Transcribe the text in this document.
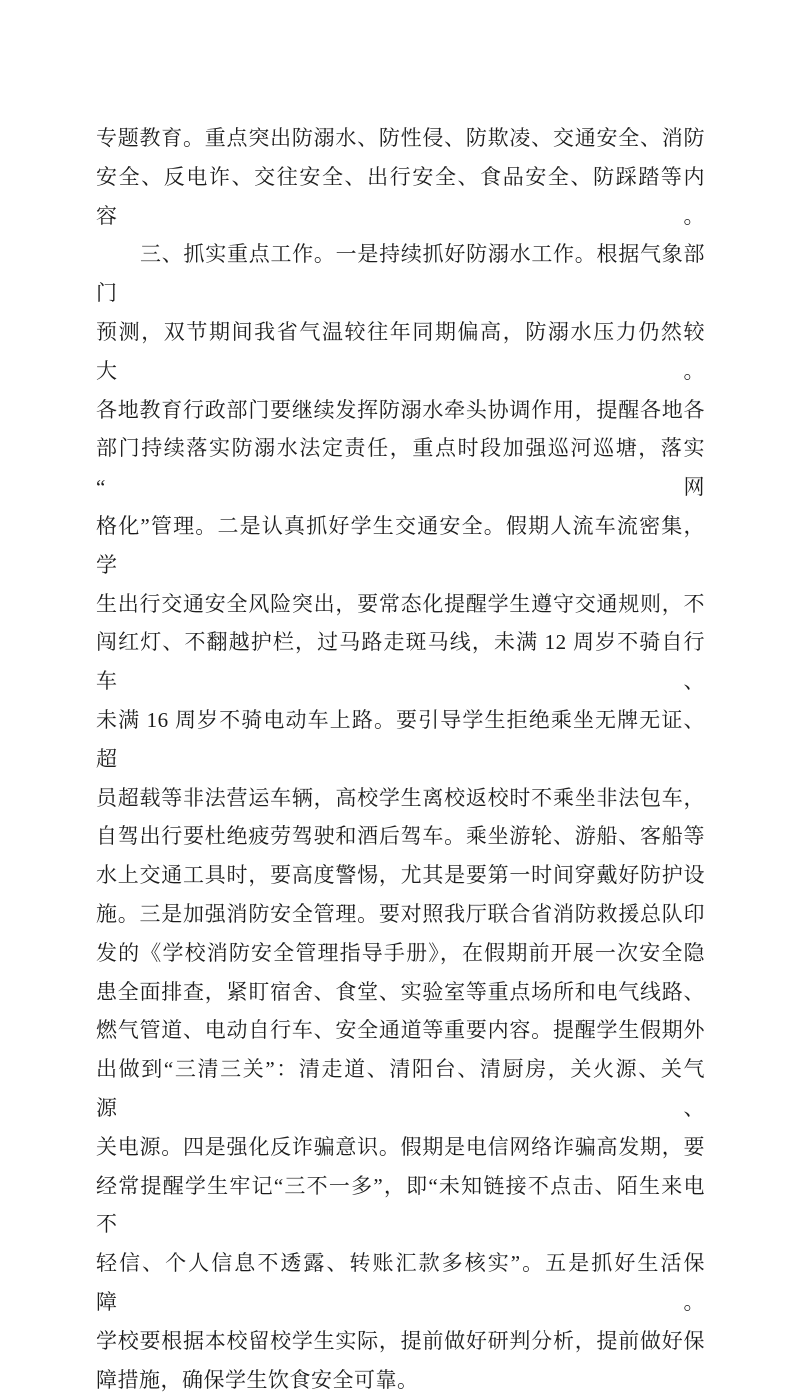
专题教育。重点突出防溺水、防性侵、防欺凌、交通安全、消防
安全、反电诈、交往安全、出行安全、食品安全、防踩踏等内容。
三、抓实重点工作。一是持续抓好防溺水工作。根据气象部门
预测，双节期间我省气温较往年同期偏高，防溺水压力仍然较大。
各地教育行政部门要继续发挥防溺水牵头协调作用，提醒各地各
部门持续落实防溺水法定责任，重点时段加强巡河巡塘，落实“网
格化”管理。二是认真抓好学生交通安全。假期人流车流密集，学
生出行交通安全风险突出，要常态化提醒学生遵守交通规则，不
闯红灯、不翻越护栏，过马路走斑马线，未满 12 周岁不骑自行车、
未满 16 周岁不骑电动车上路。要引导学生拒绝乘坐无牌无证、超
员超载等非法营运车辆，高校学生离校返校时不乘坐非法包车，
自驾出行要杜绝疲劳驾驶和酒后驾车。乘坐游轮、游船、客船等
水上交通工具时，要高度警惕，尤其是要第一时间穿戴好防护设
施。三是加强消防安全管理。要对照我厅联合省消防救援总队印
发的《学校消防安全管理指导手册》，在假期前开展一次安全隐
患全面排查，紧盯宿舍、食堂、实验室等重点场所和电气线路、
燃气管道、电动自行车、安全通道等重要内容。提醒学生假期外
出做到“三清三关”：清走道、清阳台、清厨房，关火源、关气源、
关电源。四是强化反诈骗意识。假期是电信网络诈骗高发期，要
经常提醒学生牢记“三不一多”，即“未知链接不点击、陌生来电不
轻信、个人信息不透露、转账汇款多核实”。五是抓好生活保障。
学校要根据本校留校学生实际，提前做好研判分析，提前做好保
障措施，确保学生饮食安全可靠。
